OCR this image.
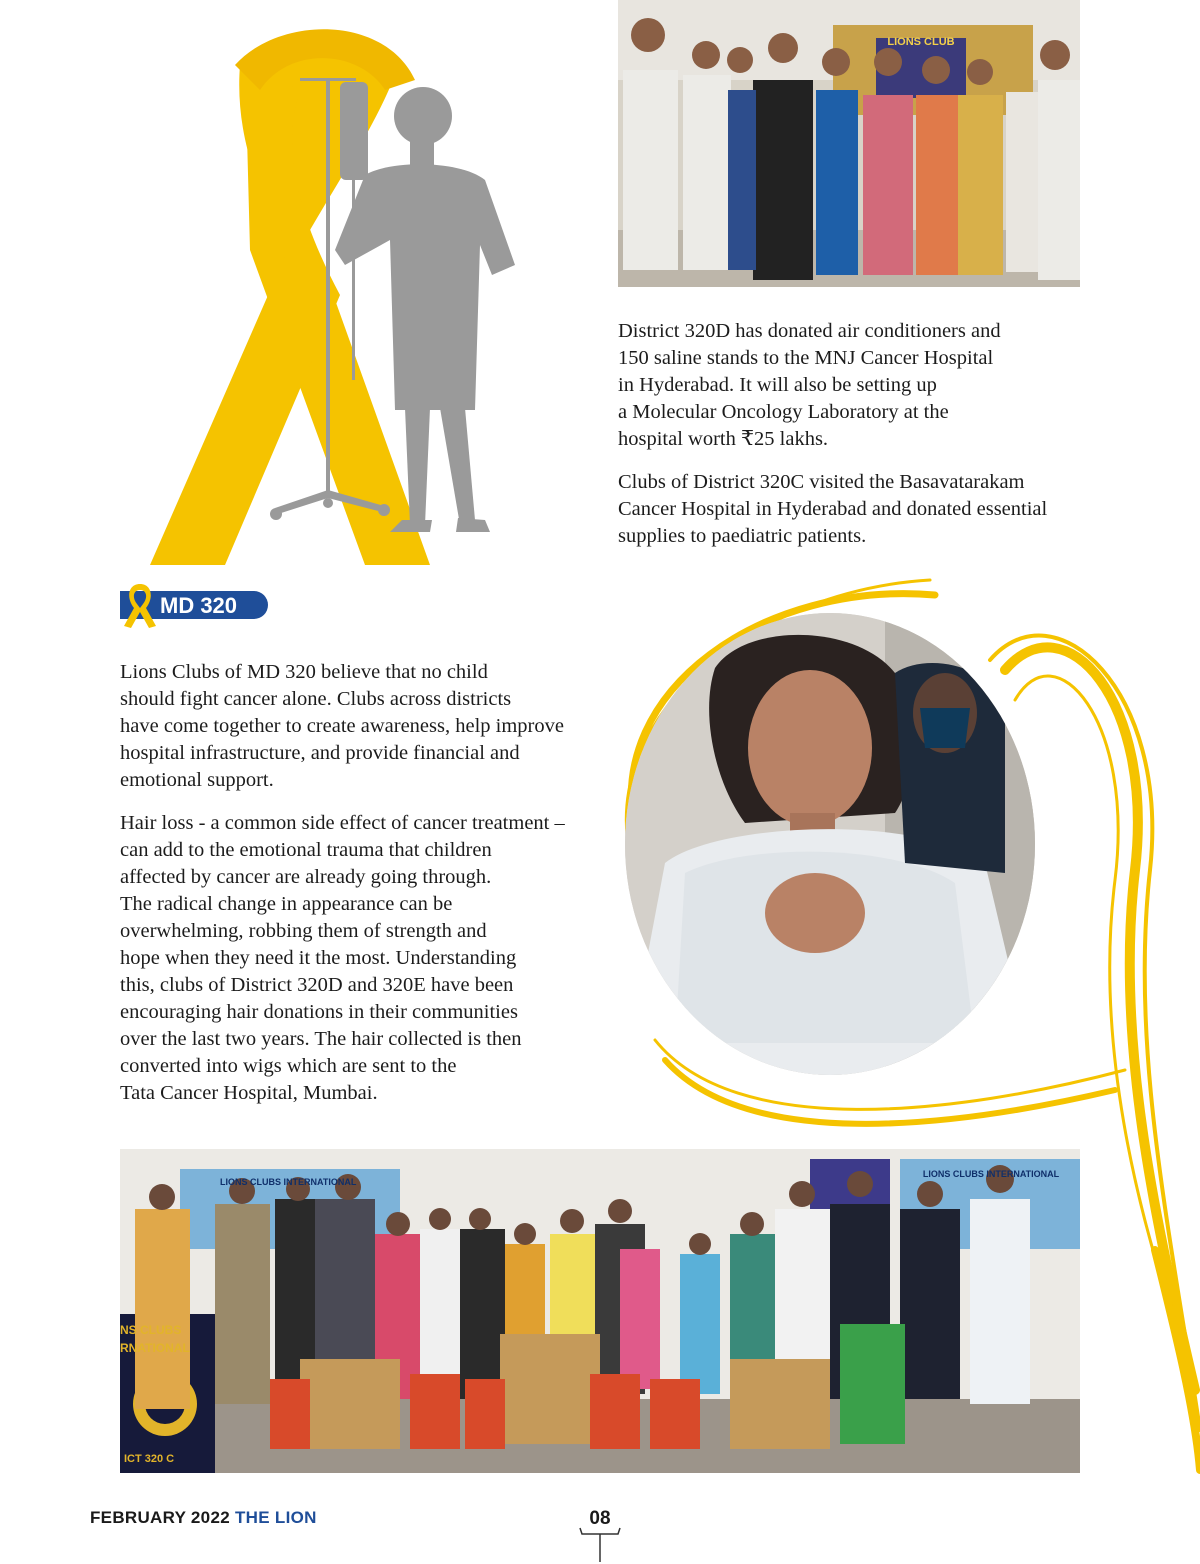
LIONS CLUB

District 320D has donated air conditioners and
150 saline stands to the MNJ Cancer Hospital
in Hyderabad. It will also be setting up
a Molecular Oncology Laboratory at the
hospital worth ₹25 lakhs.

Clubs of District 320C visited the Basavatarakam
Cancer Hospital in Hyderabad and donated essential
supplies to paediatric patients.

MD 320

Lions Clubs of MD 320 believe that no child
should fight cancer alone. Clubs across districts
have come together to create awareness, help improve
hospital infrastructure, and provide financial and
emotional support.

Hair loss - a common side effect of cancer treatment –
can add to the emotional trauma that children
affected by cancer are already going through.
The radical change in appearance can be
overwhelming, robbing them of strength and
hope when they need it the most. Understanding
this, clubs of District 320D and 320E have been
encouraging hair donations in their communities
over the last two years. The hair collected is then
converted into wigs which are sent to the
Tata Cancer Hospital, Mumbai.

LIONS CLUBS INTERNATIONAL
LIONS CLUBS INTERNATIONAL
NS CLUBS
RNATIONAL
ICT 320 C
FEBRUARY 2022 THE LION	08
